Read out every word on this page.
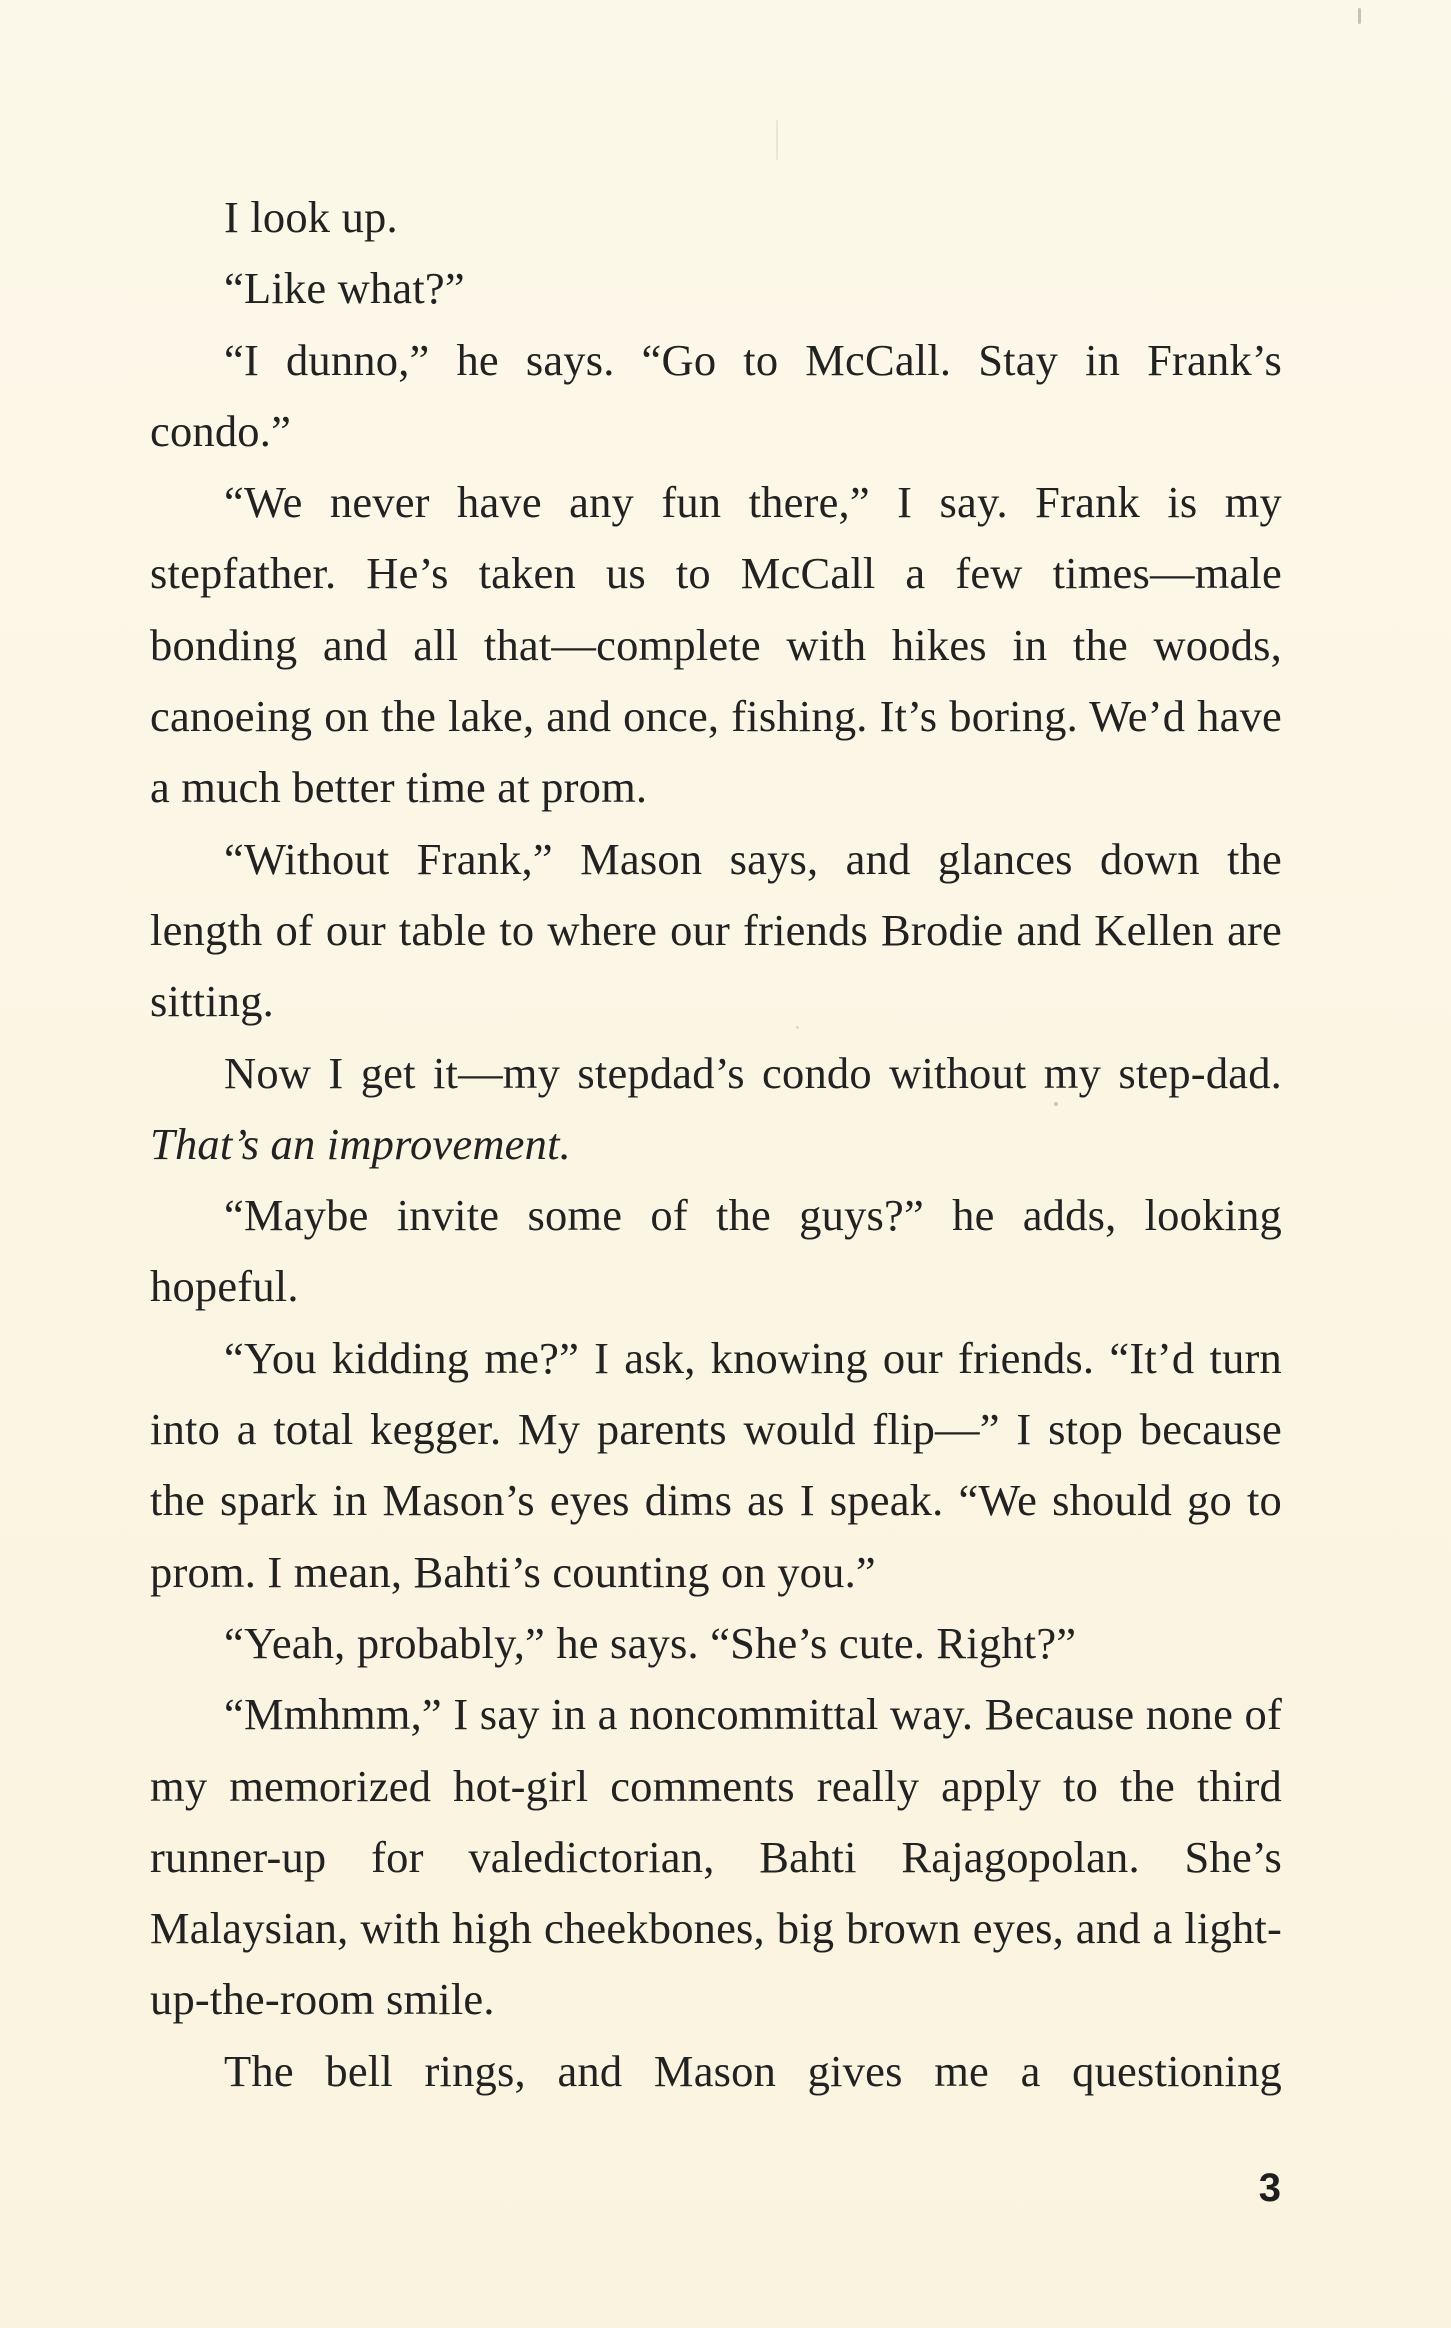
I look up.

“Like what?”

“I dunno,” he says. “Go to McCall. Stay in Frank’s condo.”

“We never have any fun there,” I say. Frank is my stepfather. He’s taken us to McCall a few times—male bonding and all that—complete with hikes in the woods, canoeing on the lake, and once, fishing. It’s boring. We’d have a much better time at prom.

“Without Frank,” Mason says, and glances down the length of our table to where our friends Brodie and Kellen are sitting.

Now I get it—my stepdad’s condo without my step-dad. That’s an improvement.

“Maybe invite some of the guys?” he adds, looking hopeful.

“You kidding me?” I ask, knowing our friends. “It’d turn into a total kegger. My parents would flip—” I stop because the spark in Mason’s eyes dims as I speak. “We should go to prom. I mean, Bahti’s counting on you.”

“Yeah, probably,” he says. “She’s cute. Right?”

“Mmhmm,” I say in a noncommittal way. Because none of my memorized hot-girl comments really apply to the third runner-up for valedictorian, Bahti Rajagopolan. She’s Malaysian, with high cheekbones, big brown eyes, and a light-up-the-room smile.

The bell rings, and Mason gives me a questioning

3
